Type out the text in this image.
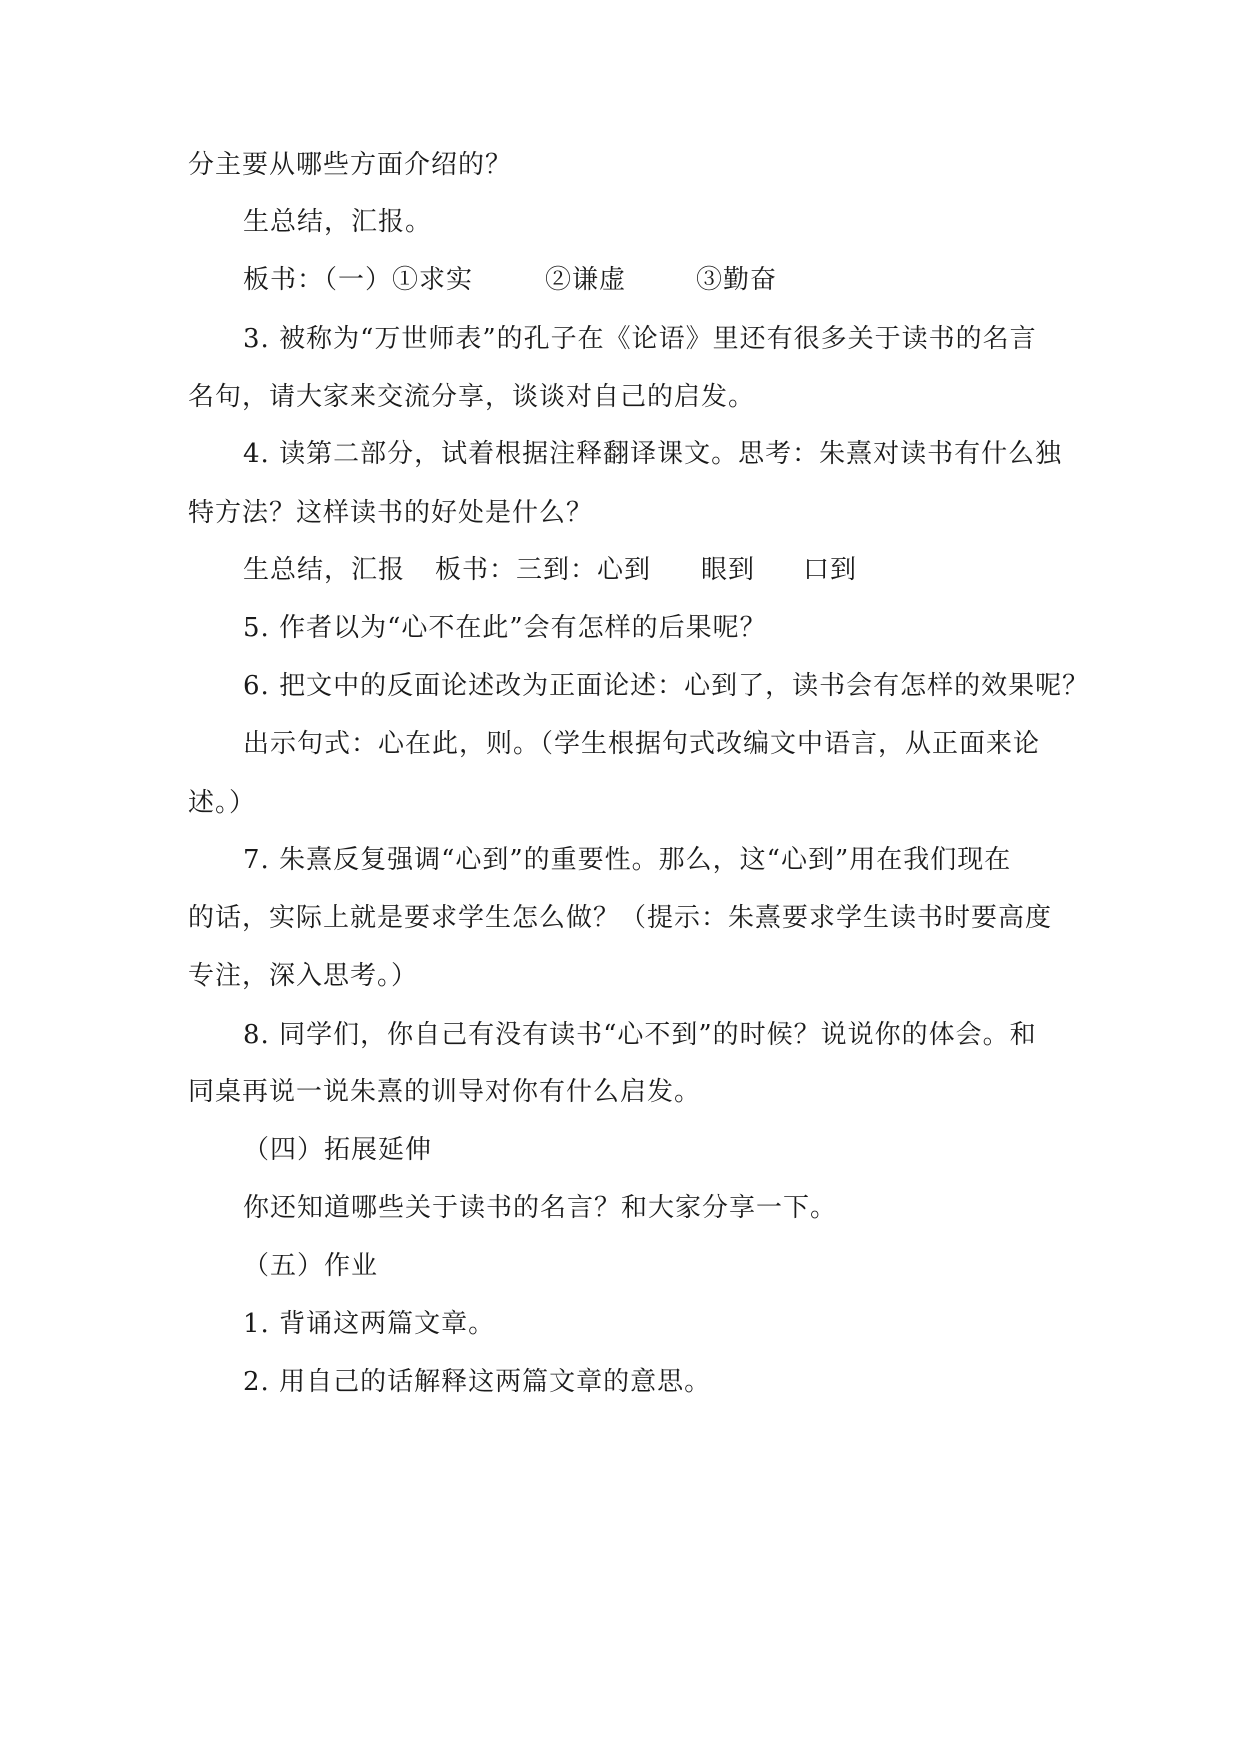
分主要从哪些方面介绍的？
生总结，汇报。
板书：（一）①求实	②谦虚	③勤奋
3. 被称为“万世师表”的孔子在《论语》里还有很多关于读书的名言
名句，请大家来交流分享，谈谈对自己的启发。
4. 读第二部分，试着根据注释翻译课文。思考：朱熹对读书有什么独
特方法？这样读书的好处是什么？
生总结，汇报 板书：三到：心到 眼到 口到
5. 作者以为“心不在此”会有怎样的后果呢？
6. 把文中的反面论述改为正面论述：心到了，读书会有怎样的效果呢？
出示句式：心在此，则。（学生根据句式改编文中语言，从正面来论
述。）
7. 朱熹反复强调“心到”的重要性。那么，这“心到”用在我们现在
的话，实际上就是要求学生怎么做？（提示：朱熹要求学生读书时要高度
专注，深入思考。）
8. 同学们，你自己有没有读书“心不到”的时候？说说你的体会。和
同桌再说一说朱熹的训导对你有什么启发。
（四）拓展延伸
你还知道哪些关于读书的名言？和大家分享一下。
（五）作业
1. 背诵这两篇文章。
2. 用自己的话解释这两篇文章的意思。
